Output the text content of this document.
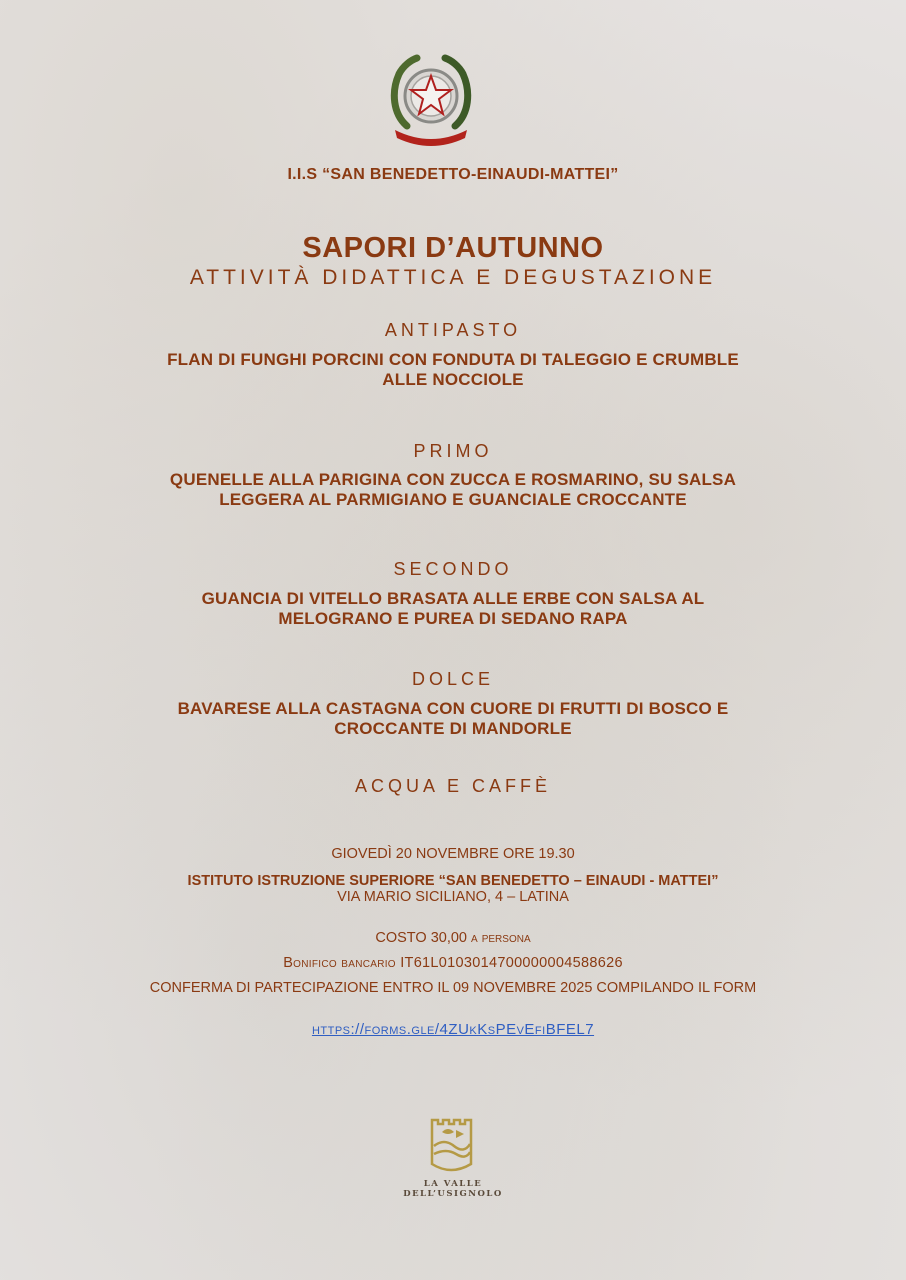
I.I.S “SAN BENEDETTO-EINAUDI-MATTEI”
SAPORI D’AUTUNNO
ATTIVITÀ DIDATTICA E DEGUSTAZIONE
ANTIPASTO
FLAN DI FUNGHI PORCINI CON FONDUTA DI TALEGGIO E CRUMBLE
ALLE NOCCIOLE
PRIMO
QUENELLE ALLA PARIGINA CON ZUCCA E ROSMARINO, SU SALSA
LEGGERA AL PARMIGIANO E GUANCIALE CROCCANTE
SECONDO
GUANCIA DI VITELLO BRASATA ALLE ERBE CON SALSA AL
MELOGRANO E PUREA DI SEDANO RAPA
DOLCE
BAVARESE ALLA CASTAGNA CON CUORE DI FRUTTI DI BOSCO E
CROCCANTE DI MANDORLE
ACQUA E CAFFÈ
GIOVEDÌ 20 NOVEMBRE ORE 19.30
ISTITUTO ISTRUZIONE SUPERIORE “SAN BENEDETTO – EINAUDI - MATTEI”
VIA MARIO SICILIANO, 4 – LATINA
COSTO 30,00 a persona
Bonifico bancario IT61L0103014700000004588626
CONFERMA DI PARTECIPAZIONE ENTRO IL 09 NOVEMBRE 2025 COMPILANDO IL FORM
https://forms.gle/4ZUkKsPEvEfiBFEL7
LA VALLE
DELL’USIGNOLO
